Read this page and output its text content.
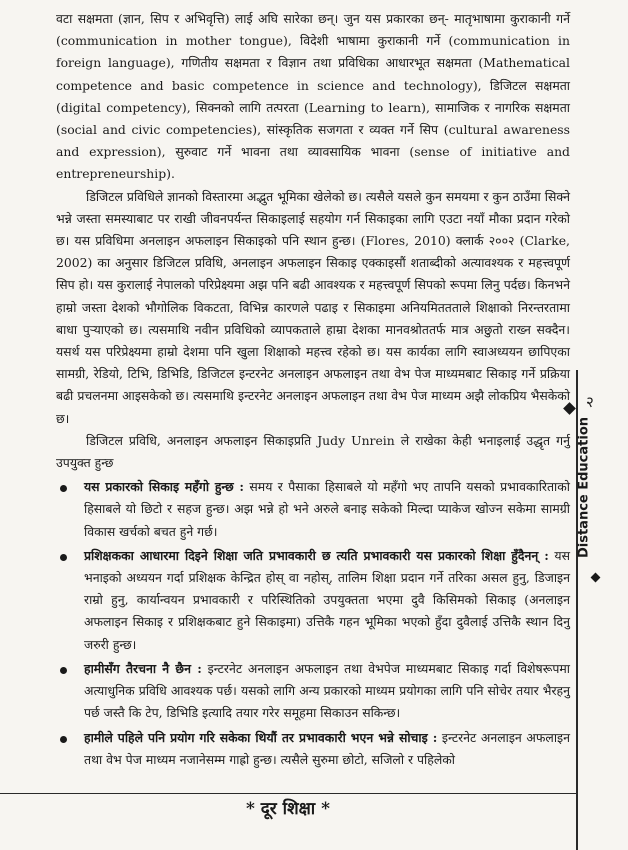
वटा सक्षमता (ज्ञान, सिप र अभिवृत्ति) लाई अघि सारेका छन्। जुन यस प्रकारका छन्- मातृभाषामा कुराकानी गर्ने (communication in mother tongue), विदेशी भाषामा कुराकानी गर्ने (communication in foreign language), गणितीय सक्षमता र विज्ञान तथा प्रविधिका आधारभूत सक्षमता (Mathematical competence and basic competence in science and technology), डिजिटल सक्षमता (digital competency), सिक्नको लागि तत्परता (Learning to learn), सामाजिक र नागरिक सक्षमता (social and civic competencies), सांस्कृतिक सजगता र व्यक्त गर्ने सिप (cultural awareness and expression), सुरुवाट गर्ने भावना तथा व्यावसायिक भावना (sense of initiative and entrepreneurship).

डिजिटल प्रविधिले ज्ञानको विस्तारमा अद्भुत भूमिका खेलेको छ। त्यसैले यसले कुन समयमा र कुन ठाउँमा सिक्ने भन्ने जस्ता समस्याबाट पर राखी जीवनपर्यन्त सिकाइलाई सहयोग गर्न सिकाइका लागि एउटा नयाँ मौका प्रदान गरेको छ। यस प्रविधिमा अनलाइन अफलाइन सिकाइको पनि स्थान हुन्छ। (Flores, 2010) क्लार्क २००२ (Clarke, 2002) का अनुसार डिजिटल प्रविधि, अनलाइन अफलाइन सिकाइ एक्काइसौं शताब्दीको अत्यावश्यक र महत्त्वपूर्ण सिप हो। यस कुरालाई नेपालको परिप्रेक्ष्यमा अझ पनि बढी आवश्यक र महत्त्वपूर्ण सिपको रूपमा लिनु पर्दछ। किनभने हाम्रो जस्ता देशको भौगोलिक विकटता, विभिन्न कारणले पढाइ र सिकाइमा अनियमिततताले शिक्षाको निरन्तरतामा बाधा पुऱ्याएको छ। त्यसमाथि नवीन प्रविधिको व्यापकताले हाम्रा देशका मानवश्रोततर्फ मात्र अछुतो राख्न सक्दैन। यसर्थ यस परिप्रेक्ष्यमा हाम्रो देशमा पनि खुला शिक्षाको महत्त्व रहेको छ। यस कार्यका लागि स्वाअध्ययन छापिएका सामग्री, रेडियो, टिभि, डिभिडि, डिजिटल इन्टरनेट अनलाइन अफलाइन तथा वेभ पेज माध्यमबाट सिकाइ गर्ने प्रक्रिया बढी प्रचलनमा आइसकेको छ। त्यसमाथि इन्टरनेट अनलाइन अफलाइन तथा वेभ पेज माध्यम अझै लोकप्रिय भैसकेको छ।

डिजिटल प्रविधि, अनलाइन अफलाइन सिकाइप्रति Judy Unrein ले राखेका केही भनाइलाई उद्धृत गर्नु उपयुक्त हुन्छ

यस प्रकारको सिकाइ महँगो हुन्छ : समय र पैसाका हिसाबले यो महँगो भए तापनि यसको प्रभावकारिताको हिसाबले यो छिटो र सहज हुन्छ। अझ भन्ने हो भने अरुले बनाइ सकेको मिल्दा प्याकेज खोज्न सकेमा सामग्री विकास खर्चको बचत हुने गर्छ।
प्रशिक्षकका आधारमा दिइने शिक्षा जति प्रभावकारी छ त्यति प्रभावकारी यस प्रकारको शिक्षा हुँदैनन् : यस भनाइको अध्ययन गर्दा प्रशिक्षक केन्द्रित होस् वा नहोस्, तालिम शिक्षा प्रदान गर्ने तरिका असल हुनु, डिजाइन राम्रो हुनु, कार्यान्वयन प्रभावकारी र परिस्थितिको उपयुक्तता भएमा दुवै किसिमको सिकाइ (अनलाइन अफलाइन सिकाइ र प्रशिक्षकबाट हुने सिकाइमा) उत्तिकै गहन भूमिका भएको हुँदा दुवैलाई उत्तिकै स्थान दिनु जरुरी हुन्छ।
हामीसँग तैरचना नै छैन : इन्टरनेट अनलाइन अफलाइन तथा वेभपेज माध्यमबाट सिकाइ गर्दा विशेषरूपमा अत्याधुनिक प्रविधि आवश्यक पर्छ। यसको लागि अन्य प्रकारको माध्यम प्रयोगका लागि पनि सोचेर तयार भैरहनु पर्छ जस्तै कि टेप, डिभिडि इत्यादि तयार गरेर समूहमा सिकाउन सकिन्छ।
हामीले पहिले पनि प्रयोग गरि सकेका थियौं तर प्रभावकारी भएन भन्ने सोचाइ : इन्टरनेट अनलाइन अफलाइन तथा वेभ पेज माध्यम नजानेसम्म गाह्रो हुन्छ। त्यसैले सुरुमा छोटो, सजिलो र पहिलेको
२
Distance Education
* दूर शिक्षा *
